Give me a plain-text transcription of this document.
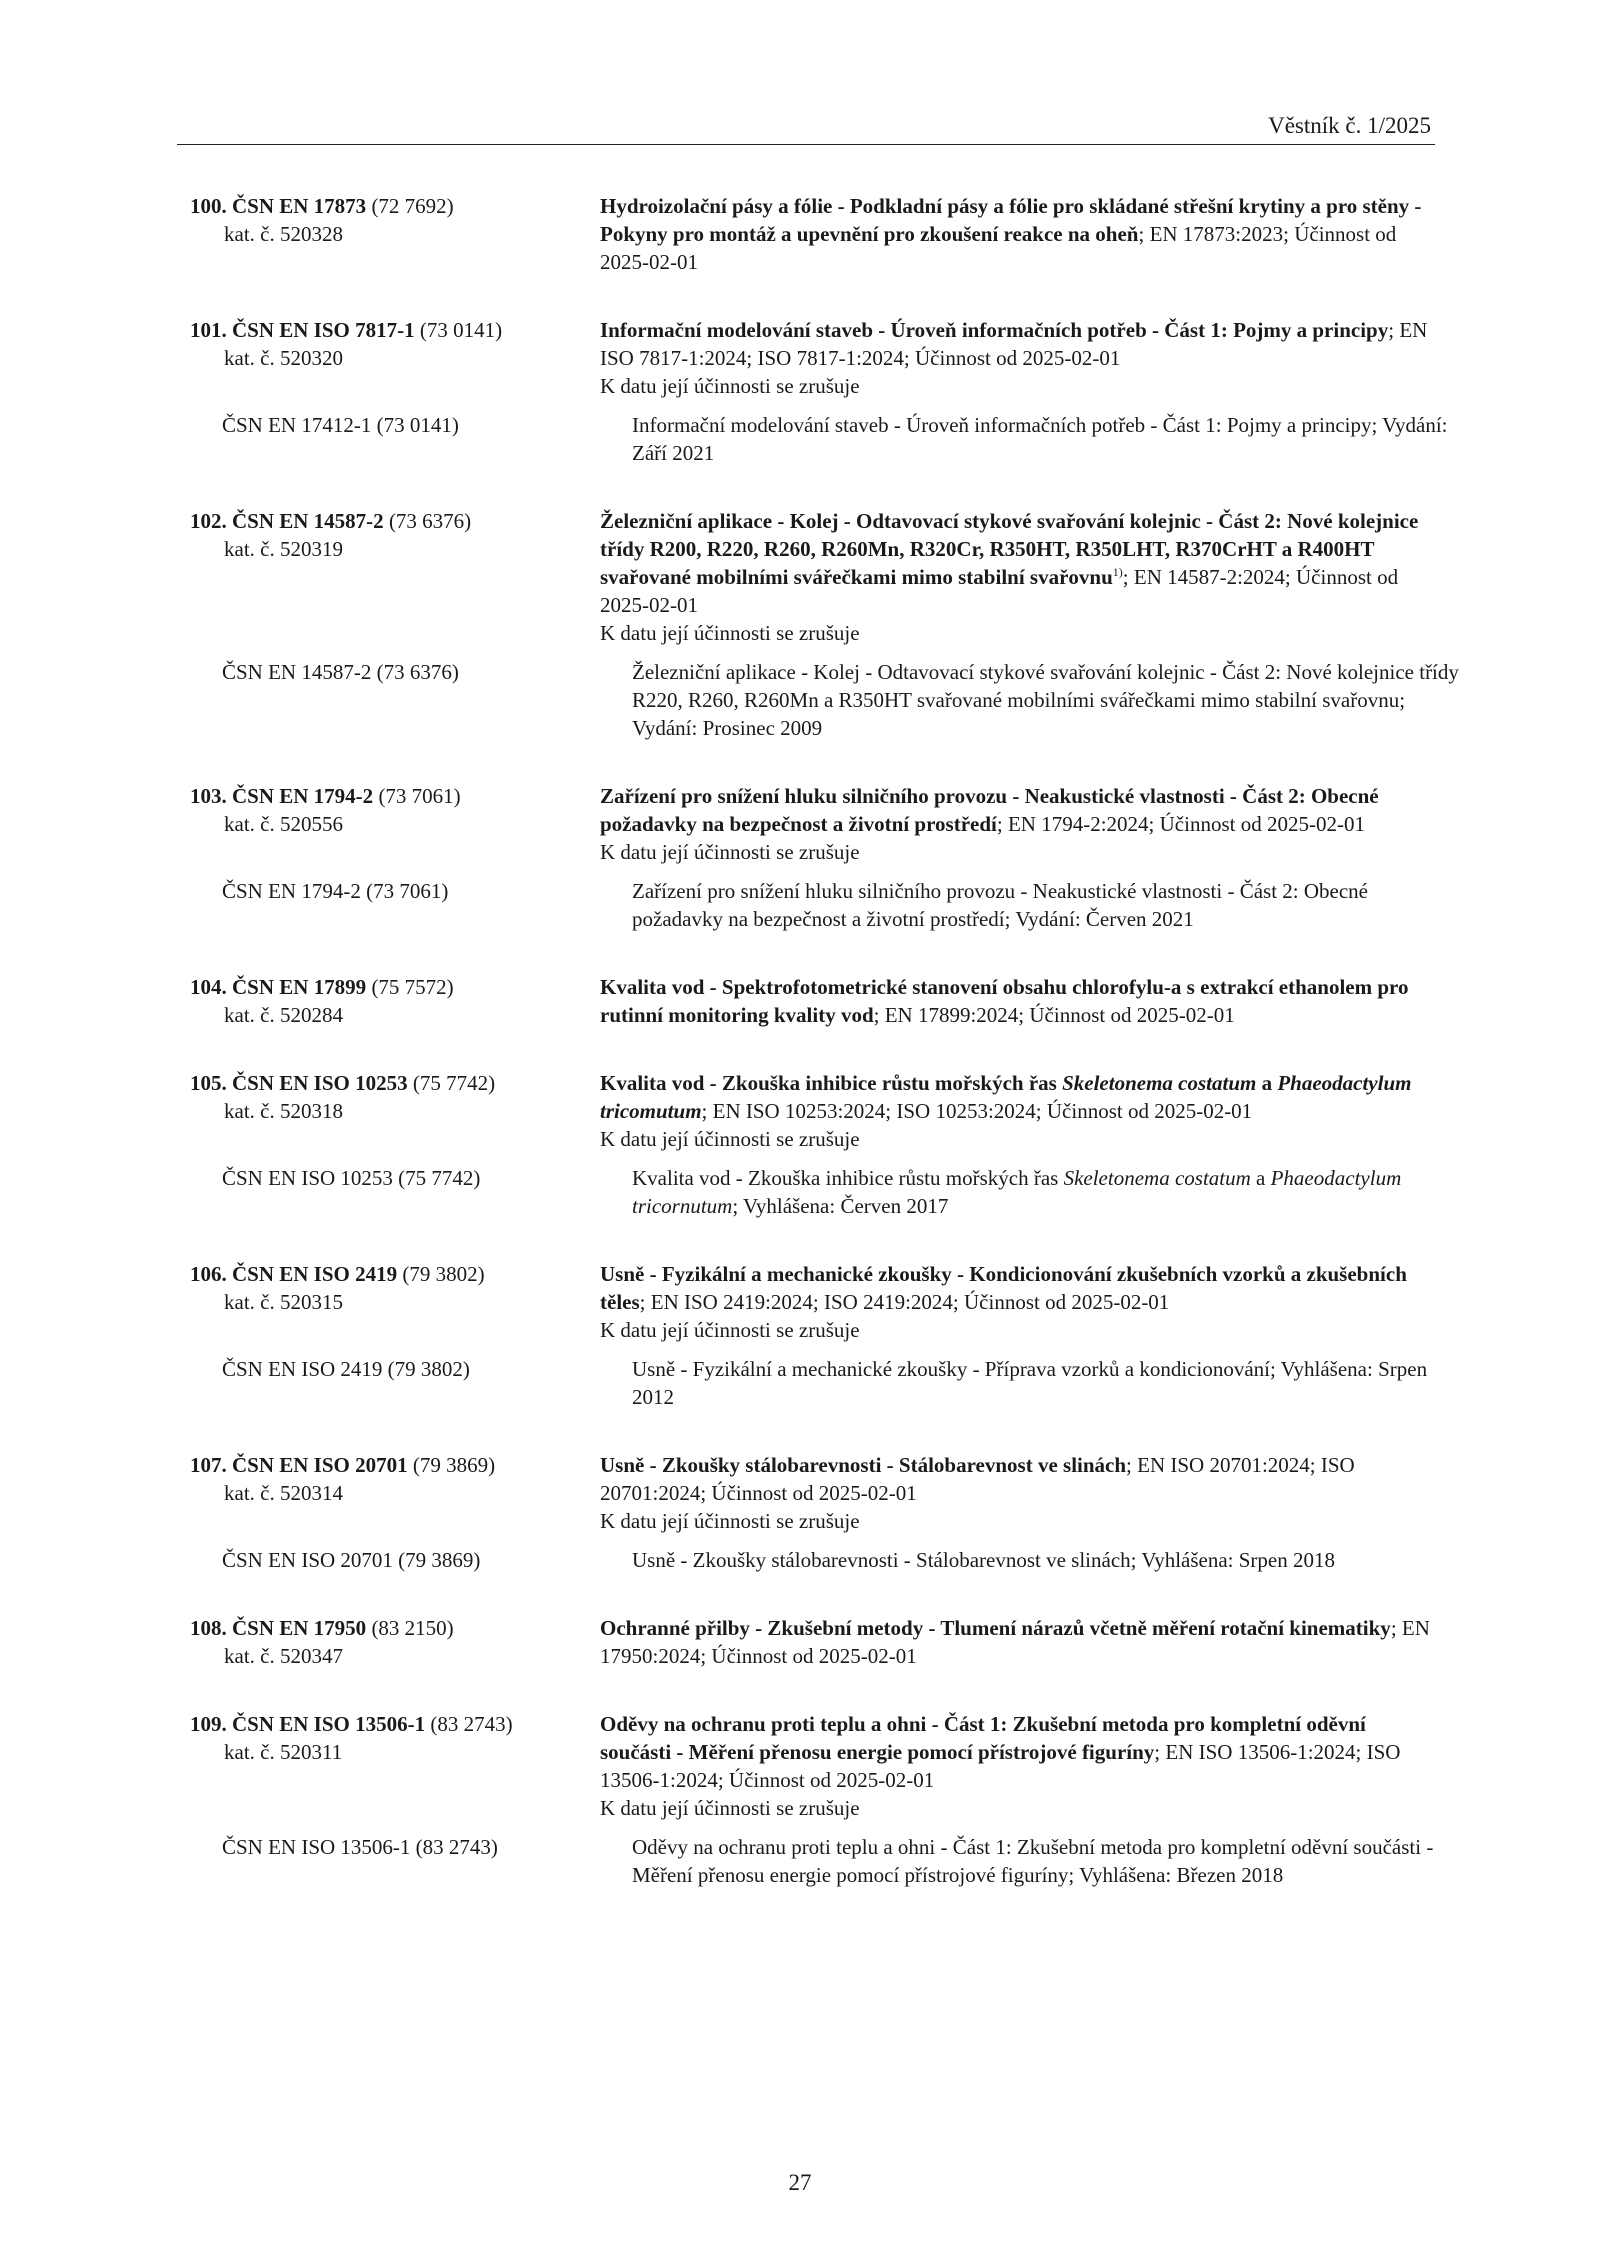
Věstník č. 1/2025
100. ČSN EN 17873 (72 7692)
kat. č. 520328

Hydroizolační pásy a fólie - Podkladní pásy a fólie pro skládané střešní krytiny a pro stěny - Pokyny pro montáž a upevnění pro zkoušení reakce na oheň; EN 17873:2023; Účinnost od 2025-02-01

101. ČSN EN ISO 7817-1 (73 0141)
kat. č. 520320

Informační modelování staveb - Úroveň informačních potřeb - Část 1: Pojmy a principy; EN ISO 7817-1:2024; ISO 7817-1:2024; Účinnost od 2025-02-01

K datu její účinnosti se zrušuje

ČSN EN 17412-1 (73 0141)	Informační modelování staveb - Úroveň informačních potřeb - Část 1: Pojmy a principy; Vydání: Září 2021

102. ČSN EN 14587-2 (73 6376)
kat. č. 520319

Železniční aplikace - Kolej - Odtavovací stykové svařování kolejnic - Část 2: Nové kolejnice třídy R200, R220, R260, R260Mn, R320Cr, R350HT, R350LHT, R370CrHT a R400HT svařované mobilními svářečkami mimo stabilní svařovnu$^{1)}$; EN 14587-2:2024; Účinnost od 2025-02-01

K datu její účinnosti se zrušuje

ČSN EN 14587-2 (73 6376)	Železniční aplikace - Kolej - Odtavovací stykové svařování kolejnic - Část 2: Nové kolejnice třídy R220, R260, R260Mn a R350HT svařované mobilními svářečkami mimo stabilní svařovnu; Vydání: Prosinec 2009

103. ČSN EN 1794-2 (73 7061)
kat. č. 520556

Zařízení pro snížení hluku silničního provozu - Neakustické vlastnosti - Část 2: Obecné požadavky na bezpečnost a životní prostředí; EN 1794-2:2024; Účinnost od 2025-02-01

K datu její účinnosti se zrušuje

ČSN EN 1794-2 (73 7061)	Zařízení pro snížení hluku silničního provozu - Neakustické vlastnosti - Část 2: Obecné požadavky na bezpečnost a životní prostředí; Vydání: Červen 2021

104. ČSN EN 17899 (75 7572)
kat. č. 520284

Kvalita vod - Spektrofotometrické stanovení obsahu chlorofylu-a s extrakcí ethanolem pro rutinní monitoring kvality vod; EN 17899:2024; Účinnost od 2025-02-01

105. ČSN EN ISO 10253 (75 7742)
kat. č. 520318

Kvalita vod - Zkouška inhibice růstu mořských řas Skeletonema costatum a Phaeodactylum tricomutum; EN ISO 10253:2024; ISO 10253:2024; Účinnost od 2025-02-01

K datu její účinnosti se zrušuje

ČSN EN ISO 10253 (75 7742)	Kvalita vod - Zkouška inhibice růstu mořských řas Skeletonema costatum a Phaeodactylum tricornutum; Vyhlášena: Červen 2017

106. ČSN EN ISO 2419 (79 3802)
kat. č. 520315

Usně - Fyzikální a mechanické zkoušky - Kondicionování zkušebních vzorků a zkušebních těles; EN ISO 2419:2024; ISO 2419:2024; Účinnost od 2025-02-01

K datu její účinnosti se zrušuje

ČSN EN ISO 2419 (79 3802)	Usně - Fyzikální a mechanické zkoušky - Příprava vzorků a kondicionování; Vyhlášena: Srpen 2012

107. ČSN EN ISO 20701 (79 3869)
kat. č. 520314

Usně - Zkoušky stálobarevnosti - Stálobarevnost ve slinách; EN ISO 20701:2024; ISO 20701:2024; Účinnost od 2025-02-01

K datu její účinnosti se zrušuje

ČSN EN ISO 20701 (79 3869)	Usně - Zkoušky stálobarevnosti - Stálobarevnost ve slinách; Vyhlášena: Srpen 2018

108. ČSN EN 17950 (83 2150)
kat. č. 520347

Ochranné přilby - Zkušební metody - Tlumení nárazů včetně měření rotační kinematiky; EN 17950:2024; Účinnost od 2025-02-01

109. ČSN EN ISO 13506-1 (83 2743)
kat. č. 520311

Oděvy na ochranu proti teplu a ohni - Část 1: Zkušební metoda pro kompletní oděvní součásti - Měření přenosu energie pomocí přístrojové figuríny; EN ISO 13506-1:2024; ISO 13506-1:2024; Účinnost od 2025-02-01

K datu její účinnosti se zrušuje

ČSN EN ISO 13506-1 (83 2743)	Oděvy na ochranu proti teplu a ohni - Část 1: Zkušební metoda pro kompletní oděvní součásti - Měření přenosu energie pomocí přístrojové figuríny; Vyhlášena: Březen 2018

27
